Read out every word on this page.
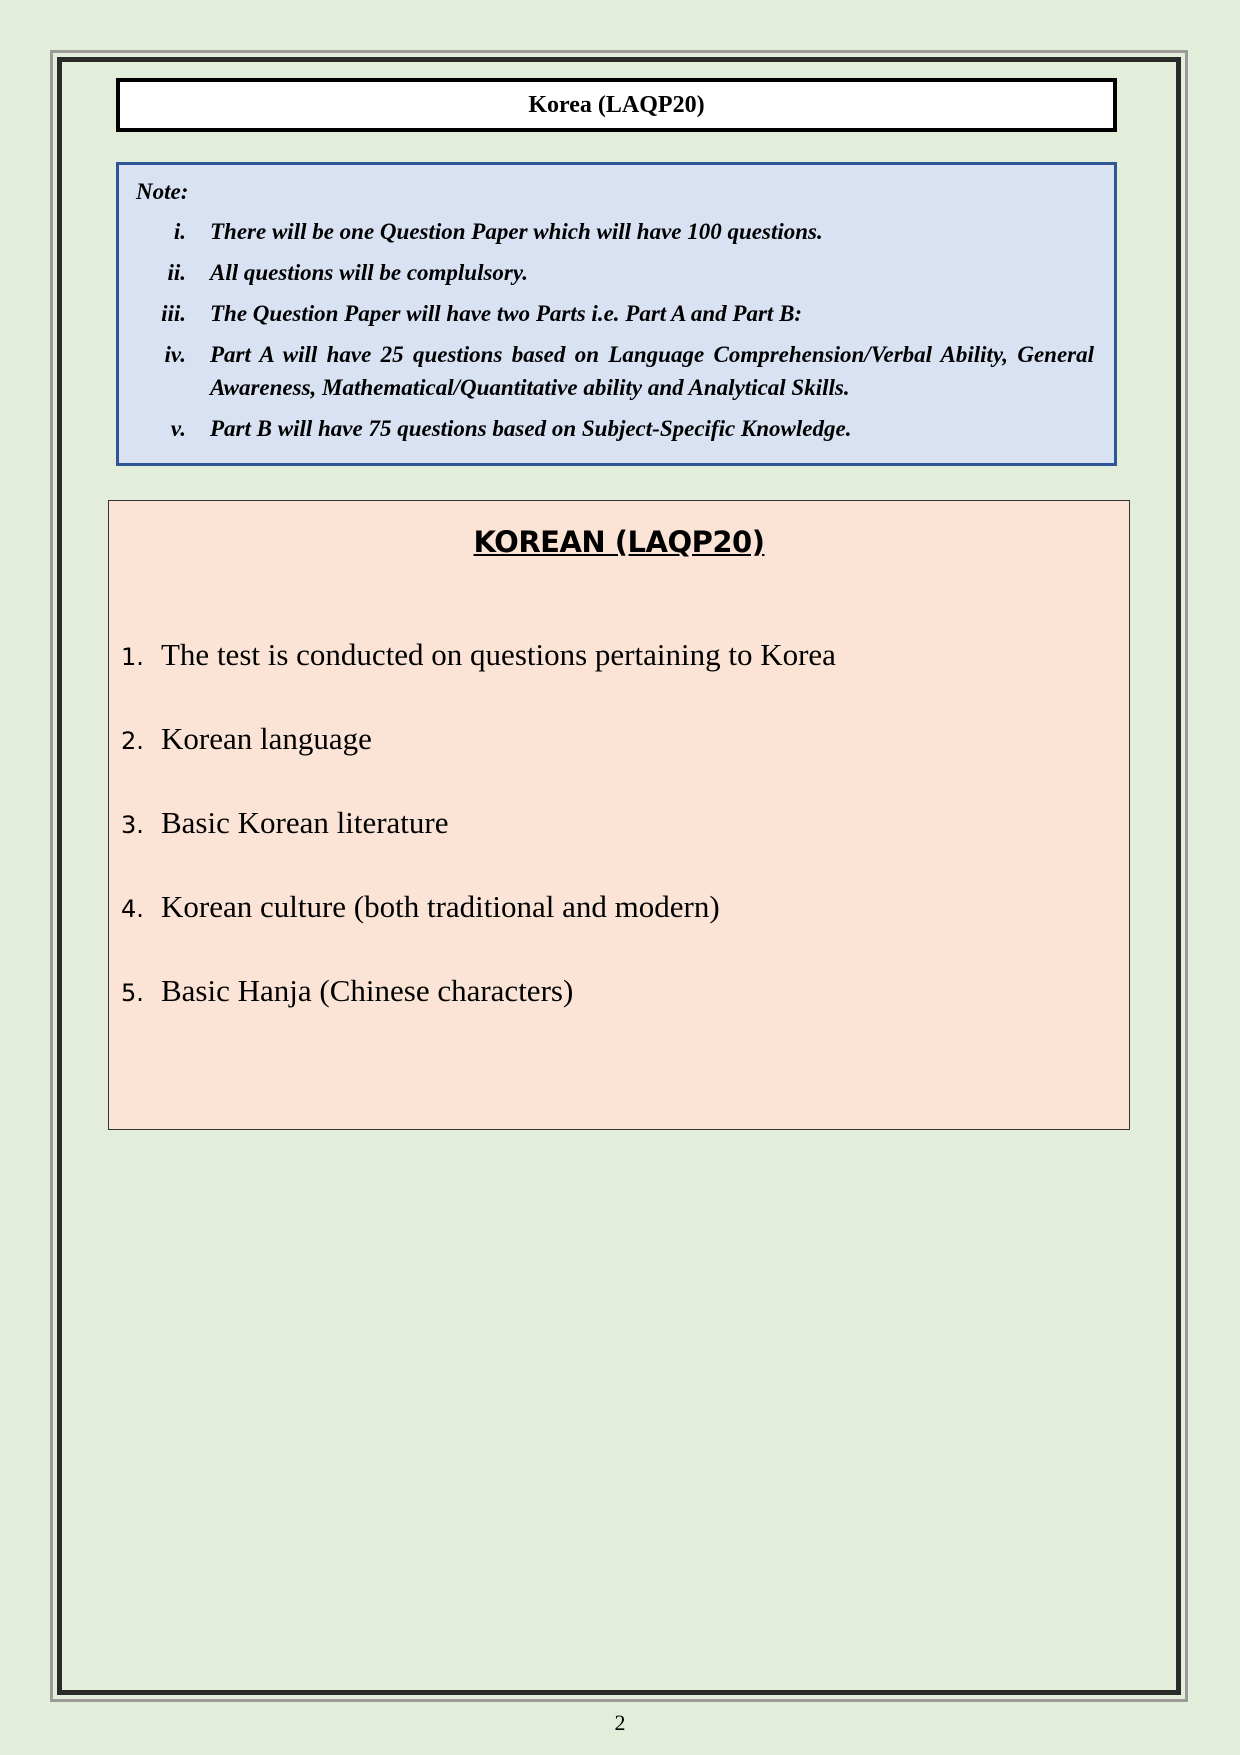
Korea (LAQP20)
Note:
i.	There will be one Question Paper which will have 100 questions.
ii.	All questions will be complulsory.
iii.	The Question Paper will have two Parts i.e. Part A and Part B:
iv.	Part A will have 25 questions based on Language Comprehension/Verbal Ability, General Awareness, Mathematical/Quantitative ability and Analytical Skills.
v.	Part B will have 75 questions based on Subject-Specific Knowledge.
KOREAN (LAQP20)
1. The test is conducted on questions pertaining to Korea
2. Korean language
3. Basic Korean literature
4. Korean culture (both traditional and modern)
5. Basic Hanja (Chinese characters)
2
